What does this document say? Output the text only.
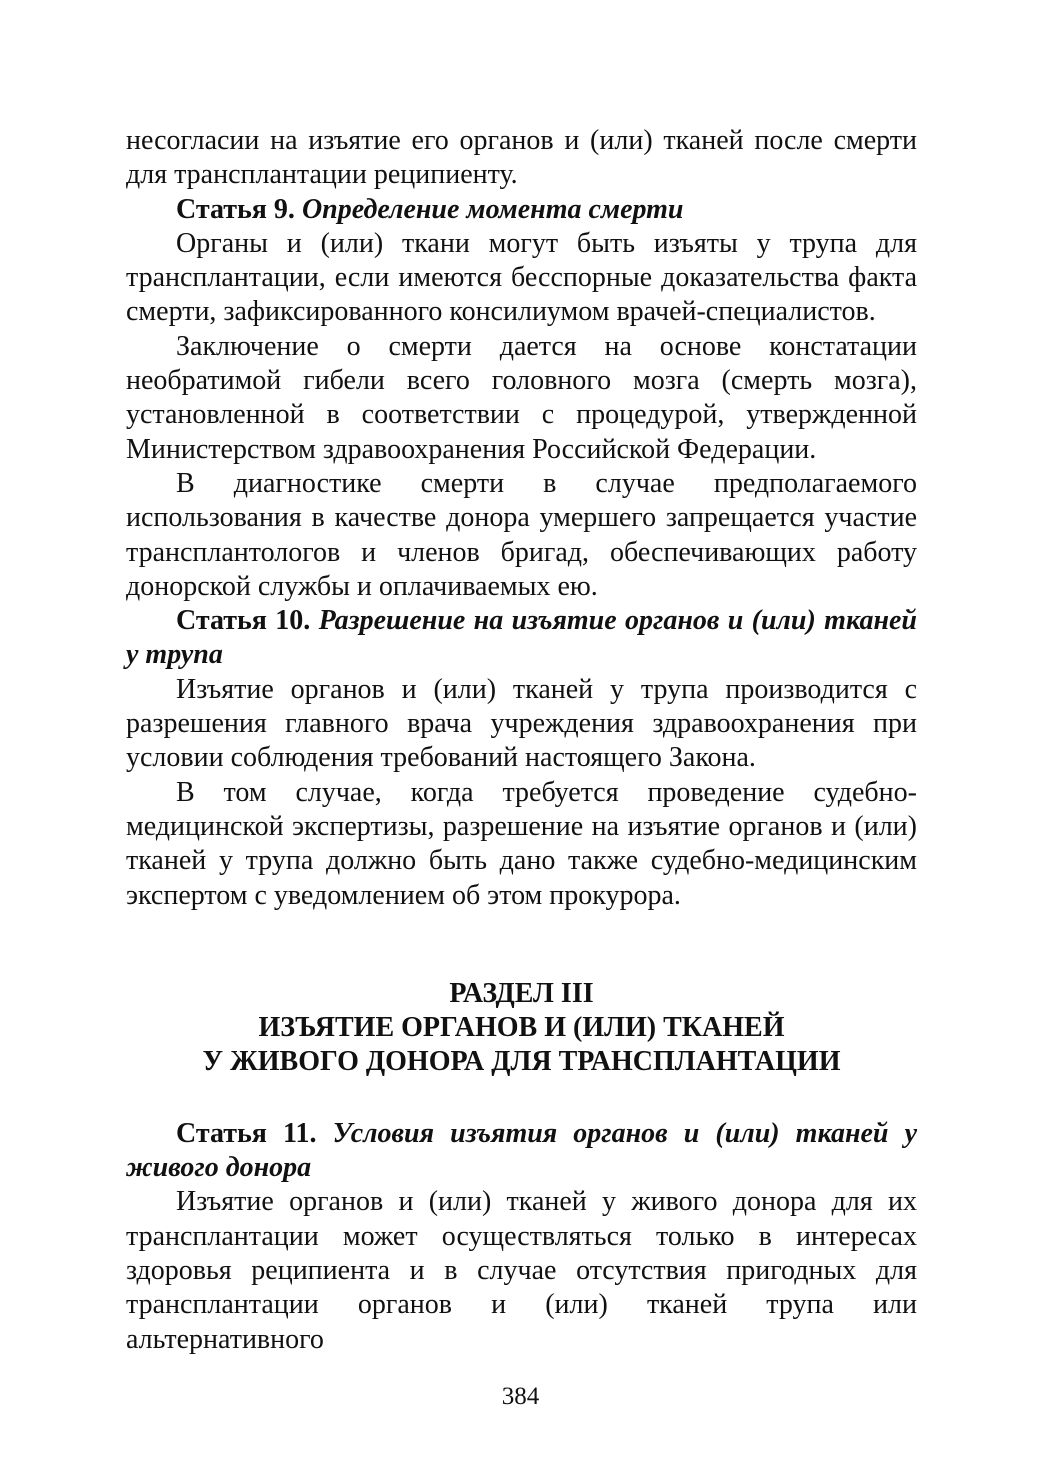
несогласии на изъятие его органов и (или) тканей после смерти для трансплантации реципиенту.

Статья 9. Определение момента смерти

Органы и (или) ткани могут быть изъяты у трупа для трансплантации, если имеются бесспорные доказательства факта смерти, зафиксированного консилиумом врачей-специалистов.

Заключение о смерти дается на основе констатации необратимой гибели всего головного мозга (смерть мозга), установленной в соответствии с процедурой, утвержденной Министерством здравоохранения Российской Федерации.

В диагностике смерти в случае предполагаемого использования в качестве донора умершего запрещается участие трансплантологов и членов бригад, обеспечивающих работу донорской службы и оплачиваемых ею.

Статья 10. Разрешение на изъятие органов и (или) тканей у трупа

Изъятие органов и (или) тканей у трупа производится с разрешения главного врача учреждения здравоохранения при условии соблюдения требований настоящего Закона.

В том случае, когда требуется проведение судебно-медицинской экспертизы, разрешение на изъятие органов и (или) тканей у трупа должно быть дано также судебно-медицинским экспертом с уведомлением об этом прокурора.

РАЗДЕЛ III
ИЗЪЯТИЕ ОРГАНОВ И (ИЛИ) ТКАНЕЙ
У ЖИВОГО ДОНОРА ДЛЯ ТРАНСПЛАНТАЦИИ

Статья 11. Условия изъятия органов и (или) тканей у живого донора

Изъятие органов и (или) тканей у живого донора для их трансплантации может осуществляться только в интересах здоровья реципиента и в случае отсутствия пригодных для трансплантации органов и (или) тканей трупа или альтернативного

384
